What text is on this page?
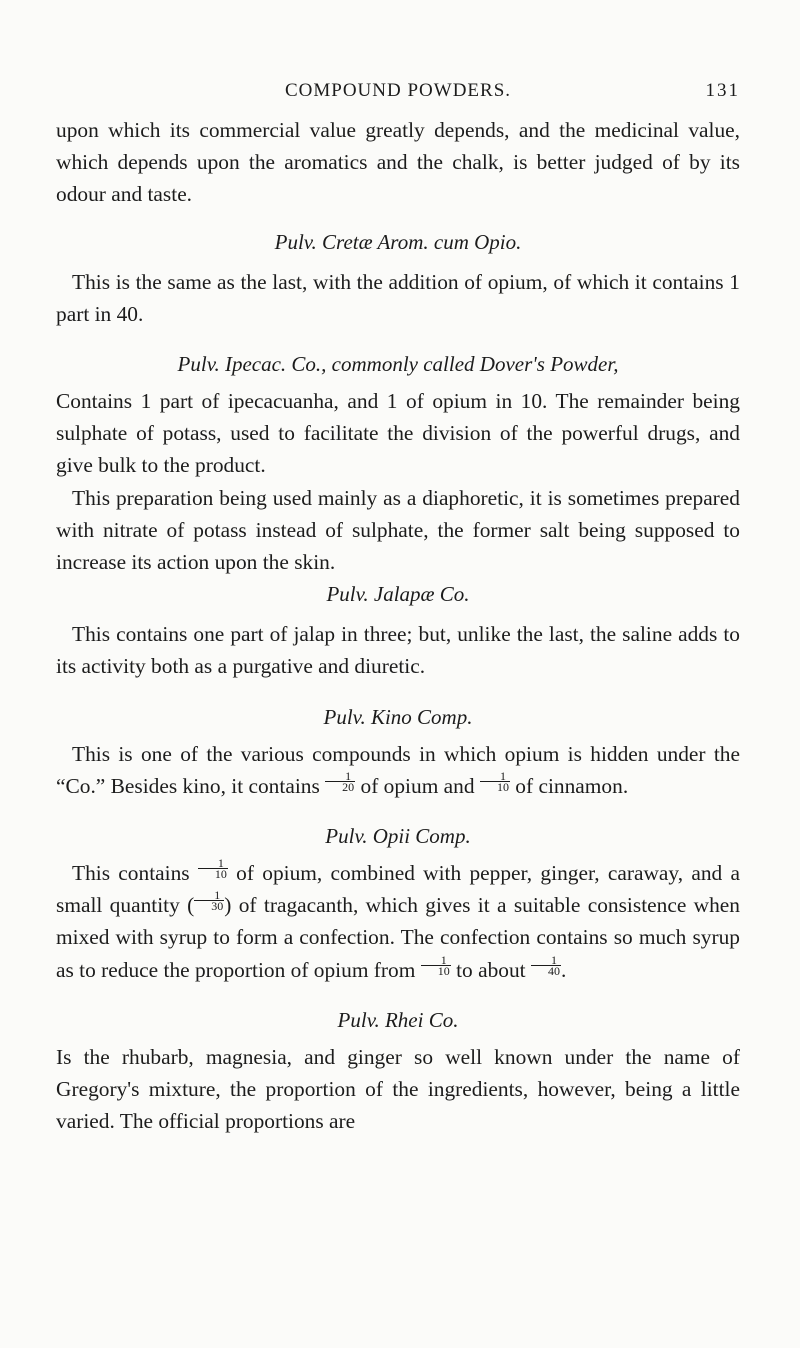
COMPOUND POWDERS.	131

upon which its commercial value greatly depends, and the medicinal value, which depends upon the aromatics and the chalk, is better judged of by its odour and taste.

Pulv. Cretæ Arom. cum Opio.

This is the same as the last, with the addition of opium, of which it contains 1 part in 40.

Pulv. Ipecac. Co., commonly called Dover's Powder,

Contains 1 part of ipecacuanha, and 1 of opium in 10. The remainder being sulphate of potass, used to facilitate the division of the powerful drugs, and give bulk to the product.

This preparation being used mainly as a diaphoretic, it is sometimes prepared with nitrate of potass instead of sulphate, the former salt being supposed to increase its action upon the skin.

Pulv. Jalapæ Co.

This contains one part of jalap in three; but, unlike the last, the saline adds to its activity both as a purgative and diuretic.

Pulv. Kino Comp.

This is one of the various compounds in which opium is hidden under the “Co.” Besides kino, it contains $\frac{1}{20}$ of opium and $\frac{1}{10}$ of cinnamon.

Pulv. Opii Comp.

This contains $\frac{1}{10}$ of opium, combined with pepper, ginger, caraway, and a small quantity ( $\frac{1}{30}$ ) of tragacanth, which gives it a suitable consistence when mixed with syrup to form a confection. The confection contains so much syrup as to reduce the proportion of opium from $\frac{1}{10}$ to about $\frac{1}{40}$ .

Pulv. Rhei Co.

Is the rhubarb, magnesia, and ginger so well known under the name of Gregory's mixture, the proportion of the ingredients, however, being a little varied. The official proportions are
